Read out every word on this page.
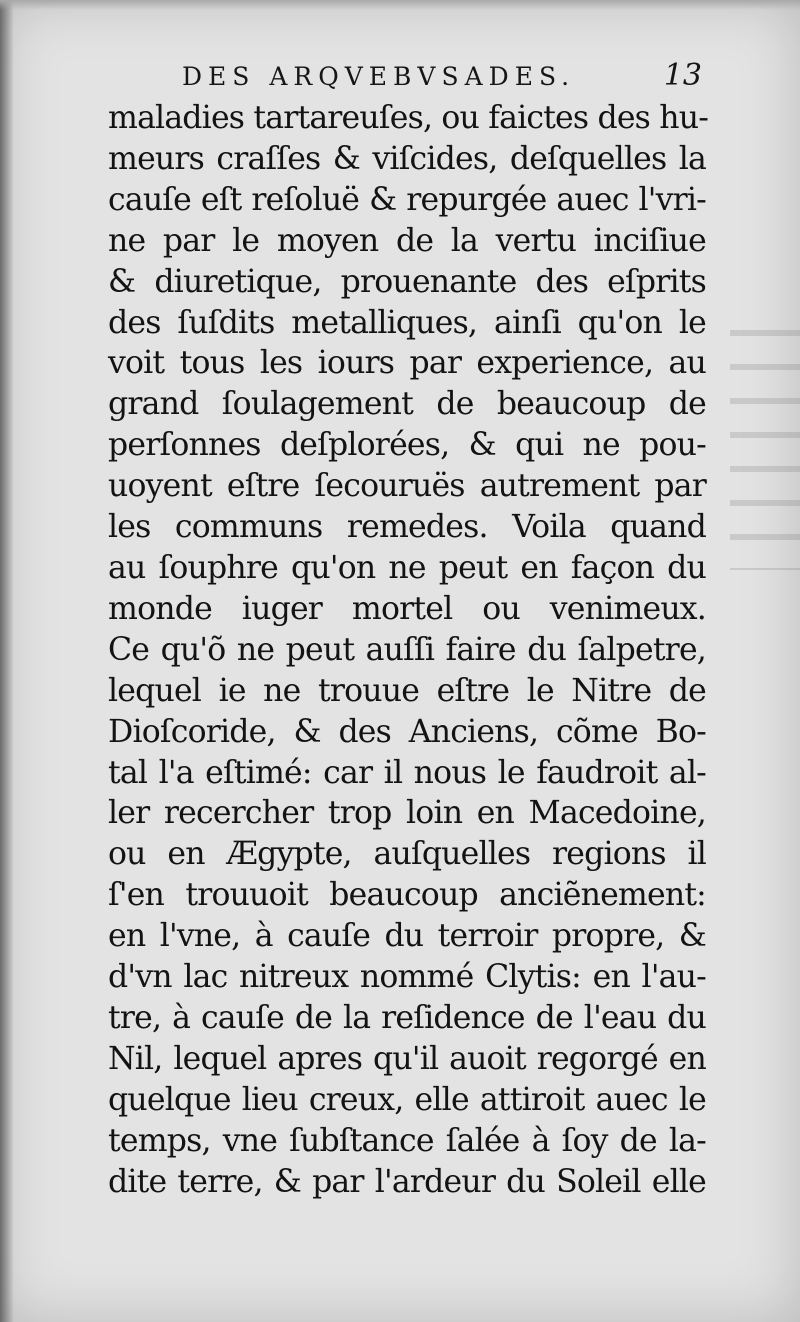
DES ARQVEBVSADES.	13
maladies tartareuſes, ou faictes des hu-
meurs craſſes & viſcides, deſquelles la
cauſe eſt reſoluë & repurgée auec l'vri-
ne par le moyen de la vertu inciſiue
& diuretique, prouenante des eſprits
des ſuſdits metalliques, ainſi qu'on le
voit tous les iours par experience, au
grand ſoulagement de beaucoup de
perſonnes deſplorées, & qui ne pou-
uoyent eſtre ſecouruës autrement par
les communs remedes. Voila quand
au ſouphre qu'on ne peut en façon du
monde iuger mortel ou venimeux.
Ce qu'õ ne peut auſſi faire du ſalpetre,
lequel ie ne trouue eſtre le Nitre de
Dioſcoride, & des Anciens, cõme Bo-
tal l'a eſtimé: car il nous le faudroit al-
ler recercher trop loin en Macedoine,
ou en Ægypte, auſquelles regions il
ſ'en trouuoit beaucoup anciẽnement:
en l'vne, à cauſe du terroir propre, &
d'vn lac nitreux nommé Clytis: en l'au-
tre, à cauſe de la reſidence de l'eau du
Nil, lequel apres qu'il auoit regorgé en
quelque lieu creux, elle attiroit auec le
temps, vne ſubſtance ſalée à ſoy de la-
dite terre, & par l'ardeur du Soleil elle
